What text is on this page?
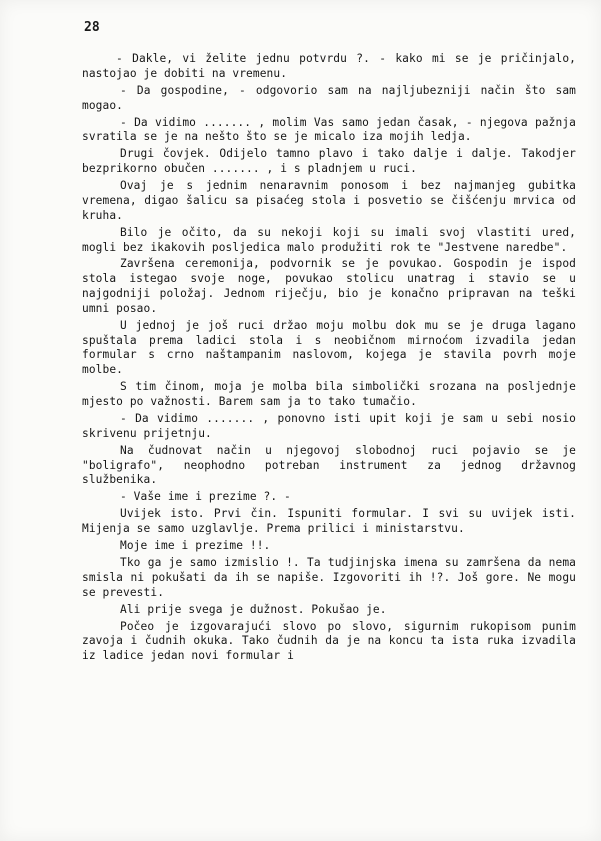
28

- Dakle, vi želite jednu potvrdu ?. - kako mi se je pričinjalo, nastojao je dobiti na vremenu.

- Da gospodine, - odgovorio sam na najljubezniji način što sam mogao.

- Da vidimo ....... , molim Vas samo jedan časak, - njegova pažnja svratila se je na nešto što se je micalo iza mojih ledja.

Drugi čovjek. Odijelo tamno plavo i tako dalje i dalje. Takodjer bezprikorno obučen ....... , i s pladnjem u ruci.

Ovaj je s jednim nenaravnim ponosom i bez najmanjeg gubitka vremena, digao šalicu sa pisaćeg stola i posvetio se čišćenju mrvica od kruha.

Bilo je očito, da su nekoji koji su imali svoj vlastiti ured, mogli bez ikakovih posljedica malo produžiti rok te "Jestvene naredbe".

Završena ceremonija, podvornik se je povukao. Gospodin je ispod stola istegao svoje noge, povukao stolicu unatrag i stavio se u najgodniji položaj. Jednom riječju, bio je konačno pripravan na teški umni posao.

U jednoj je još ruci držao moju molbu dok mu se je druga lagano spuštala prema ladici stola i s neobičnom mirnoćom izvadila jedan formular s crno naštampanim naslovom, kojega je stavila povrh moje molbe.

S tim činom, moja je molba bila simbolički srozana na posljednje mjesto po važnosti. Barem sam ja to tako tumačio.

- Da vidimo ....... , ponovno isti upit koji je sam u sebi nosio skrivenu prijetnju.

Na čudnovat način u njegovoj slobodnoj ruci pojavio se je "boligrafo", neophodno potreban instrument za jednog državnog službenika.

- Vaše ime i prezime ?. -

Uvijek isto. Prvi čin. Ispuniti formular. I svi su uvijek isti. Mijenja se samo uzglavlje. Prema prilici i ministarstvu.

Moje ime i prezime !!.

Tko ga je samo izmislio !. Ta tudjinjska imena su zamršena da nema smisla ni pokušati da ih se napiše. Izgovoriti ih !?. Još gore. Ne mogu se prevesti.

Ali prije svega je dužnost. Pokušao je.

Počeo je izgovarajući slovo po slovo, sigurnim rukopisom punim zavoja i čudnih okuka. Tako čudnih da je na koncu ta ista ruka izvadila iz ladice jedan novi formular i
